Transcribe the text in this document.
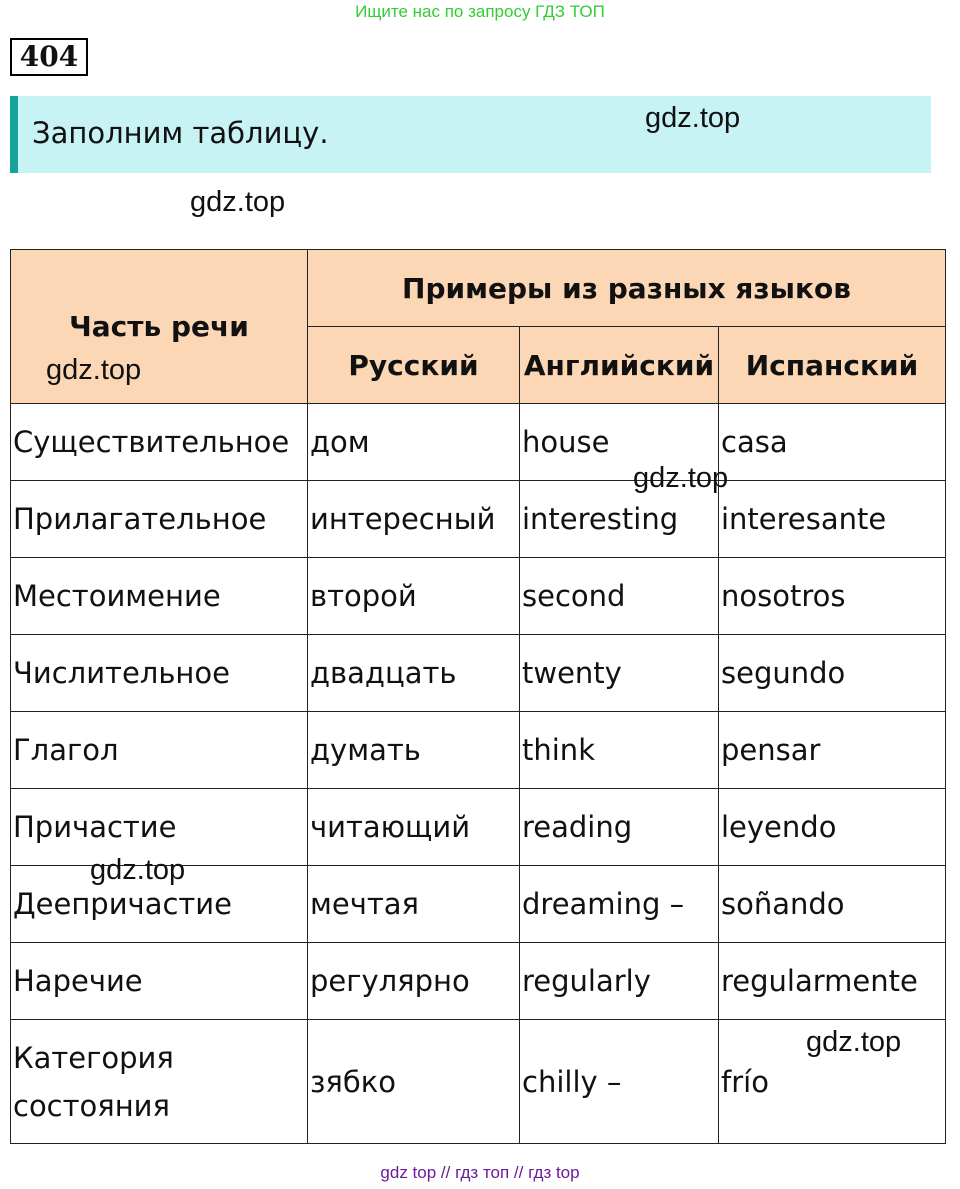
Ищите нас по запросу ГДЗ ТОП
404
Заполним таблицу.
Часть речи	Примеры из разных языков		
	Русский	Английский	Испанский
Существительное	дом	house	casa
Прилагательное	интересный	interesting	interesante
Местоимение	второй	second	nosotros
Числительное	двадцать	twenty	segundo
Глагол	думать	think	pensar
Причастие	читающий	reading	leyendo
Деепричастие	мечтая	dreaming –	soñando
Наречие	регулярно	regularly	regularmente

Категория
состояния	зябко	chilly –	frío
gdz.top
gdz.top
gdz.top
gdz.top
gdz.top
gdz.top
gdz top // гдз топ // гдз top
